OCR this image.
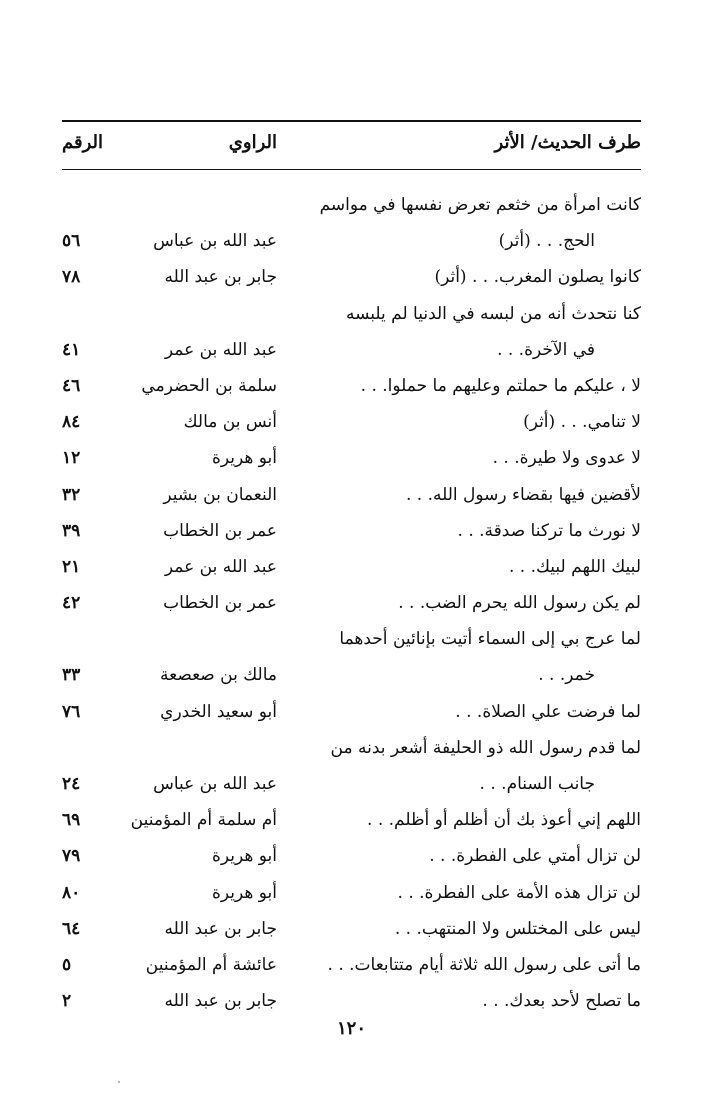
طرف الحديث/ الأثر
الراوي
الرقم
كانت امرأة من خثعم تعرض نفسها في مواسم
الحج. . . (أثر)
عبد الله بن عباس
٥٦
كانوا يصلون المغرب. . . (أثر)
جابر بن عبد الله
٧٨
كنا نتحدث أنه من لبسه في الدنيا لم يلبسه
في الآخرة. . .
عبد الله بن عمر
٤١
لا ، عليكم ما حملتم وعليهم ما حملوا. . .
سلمة بن الحضرمي
٤٦
لا تنامي. . . (أثر)
أنس بن مالك
٨٤
لا عدوى ولا طيرة. . .
أبو هريرة
١٢
لأقضين فيها بقضاء رسول الله. . .
النعمان بن بشير
٣٢
لا نورث ما تركنا صدقة. . .
عمر بن الخطاب
٣٩
لبيك اللهم لبيك. . .
عبد الله بن عمر
٢١
لم يكن رسول الله يحرم الضب. . .
عمر بن الخطاب
٤٢
لما عرج بي إلى السماء أتيت بإنائين أحدهما
خمر. . .
مالك بن صعصعة
٣٣
لما فرضت علي الصلاة. . .
أبو سعيد الخدري
٧٦
لما قدم رسول الله ذو الحليفة أشعر بدنه من
جانب السنام. . .
عبد الله بن عباس
٢٤
اللهم إني أعوذ بك أن أظلم أو أظلم. . .
أم سلمة أم المؤمنين
٦٩
لن تزال أمتي على الفطرة. . .
أبو هريرة
٧٩
لن تزال هذه الأمة على الفطرة. . .
أبو هريرة
٨٠
ليس على المختلس ولا المنتهب. . .
جابر بن عبد الله
٦٤
ما أتى على رسول الله ثلاثة أيام متتابعات. . .
عائشة أم المؤمنين
٥
ما تصلح لأحد بعدك. . .
جابر بن عبد الله
٢
١٢٠
